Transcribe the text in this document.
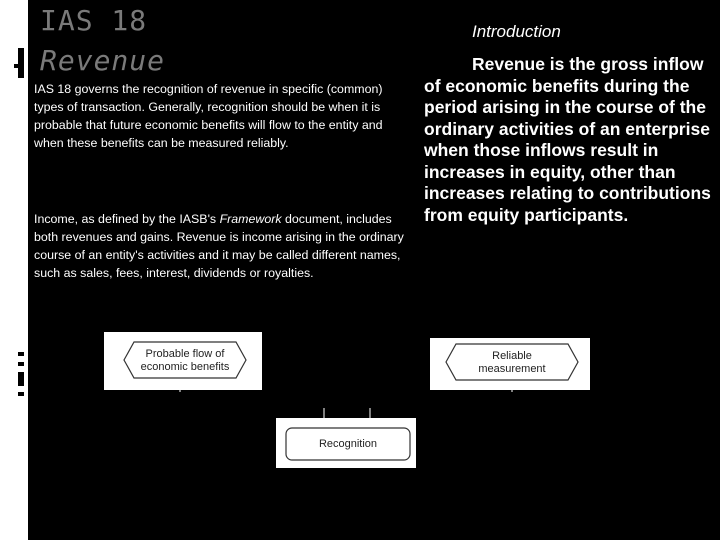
IAS 18
Revenue
IAS 18 governs the recognition of revenue in specific (common) types of transaction. Generally, recognition should be when it is probable that future economic benefits will flow to the entity and when these benefits can be measured reliably.
Income, as defined by the IASB's Framework document, includes both revenues and gains. Revenue is income arising in the ordinary course of an entity's activities and it may be called different names, such as sales, fees, interest, dividends or royalties.
Introduction
Revenue is the gross inflow of economic benefits during the period arising in the course of the ordinary activities of an enterprise when those inflows result in increases in equity, other than increases relating to contributions from equity participants.
Probable flow of
economic benefits
Reliable
measurement
Recognition
